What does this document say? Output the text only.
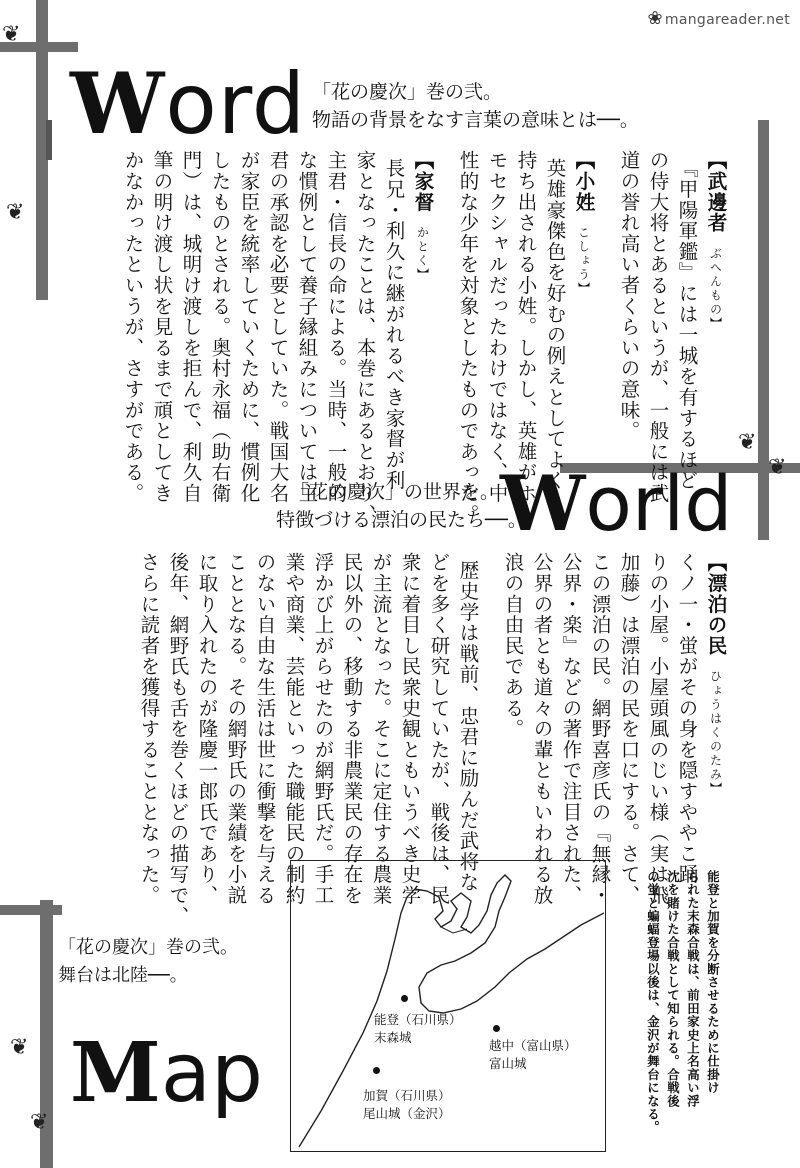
❀ mangareader.net
❦
❦
❦
❦
❦
❦
Word 「花の慶次」巻の弐。
物語の背景をなす言葉の意味とは──。
【武邊者ぶへんもの】
『甲陽軍鑑』には一城を有するほど
の侍大将とあるというが、一般には武
道の誉れ高い者くらいの意味。
【小姓こしょう】
英雄豪傑色を好むの例えとしてよく
持ち出される小姓。しかし、英雄がホ
モセクシャルだったわけではなく、中
性的な少年を対象としたものであった。
【家督かとく】
長兄・利久に継がれるべき家督が利
家となったことは、本巻にあるとおり、
主君・信長の命による。当時、一般的
な慣例として養子縁組みについては主
君の承認を必要としていた。戦国大名
が家臣を統率していくために、慣例化
したものとされる。奥村永福（助右衛
門）は、城明け渡しを拒んで、利久自
筆の明け渡し状を見るまで頑としてき
かなかったというが、さすがである。	「花の慶次」の世界を。
特徴づける漂泊の民たち──。
World
【漂泊の民ひょうはくのたみ】
くノ一・蛍がその身を隠すややこ踊
りの小屋。小屋頭風のじい様（実は飛
加藤）は漂泊の民を口にする。さて、
この漂泊の民。網野喜彦氏の『無縁・
公界・楽』などの著作で注目された、
公界の者とも道々の輩ともいわれる放
浪の自由民である。
歴史学は戦前、忠君に励んだ武将な
どを多く研究していたが、戦後は、民
衆に着目し民衆史観ともいうべき史学
が主流となった。そこに定住する農業
民以外の、移動する非農業民の存在を
浮かび上がらせたのが網野氏だ。手工
業や商業、芸能といった職能民の制約
のない自由な生活は世に衝撃を与える
こととなる。その網野氏の業績を小説
に取り入れたのが隆慶一郎氏であり、
後年、網野氏も舌を巻くほどの描写で、
さらに読者を獲得することとなった。
「花の慶次」巻の弐。
舞台は北陸──。
Map
能登（石川県）
末森城
越中（富山県）
富山城
加賀（石川県）
尾山城（金沢）
能登と加賀を分断させるために仕掛け
られた末森合戦は、前田家史上名高い浮
沈を賭けた合戦として知られる。合戦後
の蛍と蝙蝠登場以後は、金沢が舞台になる。
